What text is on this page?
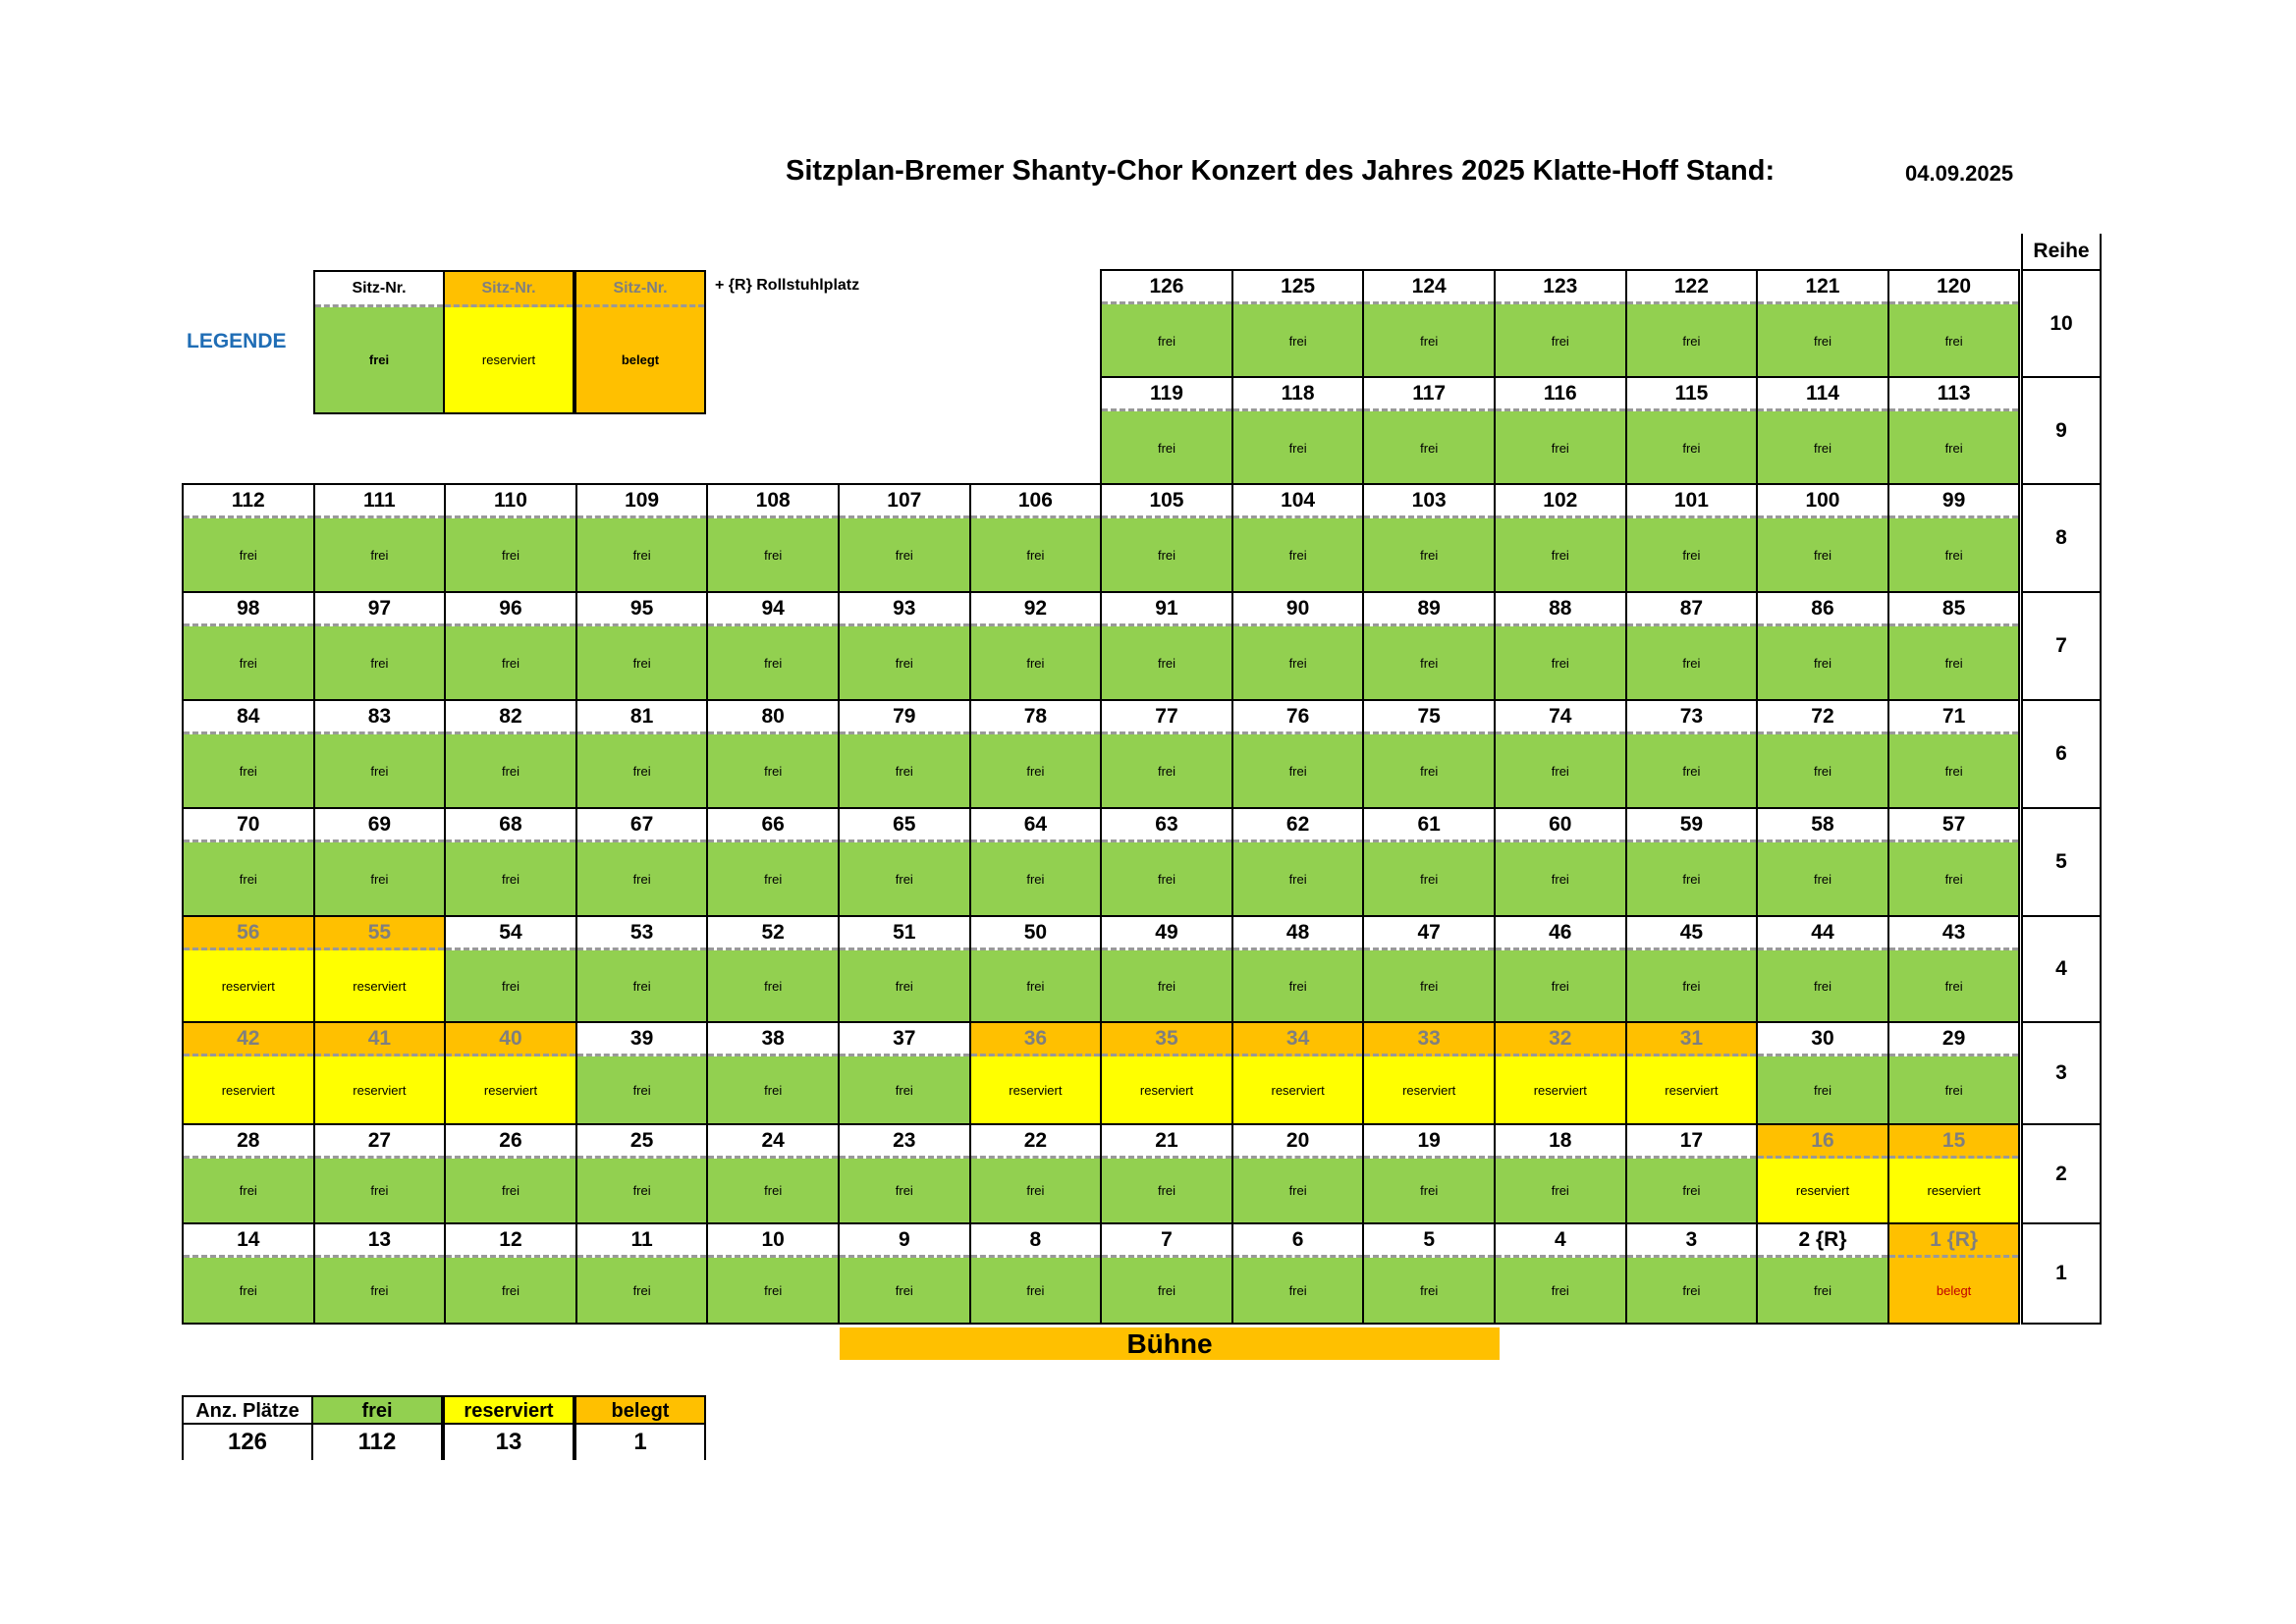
Sitzplan-Bremer Shanty-Chor Konzert des Jahres 2025 Klatte-Hoff Stand:	04.09.2025
LEGENDE
Sitz-Nr.
frei
Sitz-Nr.
reserviert
Sitz-Nr.
belegt
+ {R} Rollstuhlplatz
Reihe
126
frei
125
frei
124
frei
123
frei
122
frei
121
frei
120
frei
10
119
frei
118
frei
117
frei
116
frei
115
frei
114
frei
113
frei
9
112
frei
111
frei
110
frei
109
frei
108
frei
107
frei
106
frei
105
frei
104
frei
103
frei
102
frei
101
frei
100
frei
99
frei
8
98
frei
97
frei
96
frei
95
frei
94
frei
93
frei
92
frei
91
frei
90
frei
89
frei
88
frei
87
frei
86
frei
85
frei
7
84
frei
83
frei
82
frei
81
frei
80
frei
79
frei
78
frei
77
frei
76
frei
75
frei
74
frei
73
frei
72
frei
71
frei
6
70
frei
69
frei
68
frei
67
frei
66
frei
65
frei
64
frei
63
frei
62
frei
61
frei
60
frei
59
frei
58
frei
57
frei
5
56
reserviert
55
reserviert
54
frei
53
frei
52
frei
51
frei
50
frei
49
frei
48
frei
47
frei
46
frei
45
frei
44
frei
43
frei
4
42
reserviert
41
reserviert
40
reserviert
39
frei
38
frei
37
frei
36
reserviert
35
reserviert
34
reserviert
33
reserviert
32
reserviert
31
reserviert
30
frei
29
frei
3
28
frei
27
frei
26
frei
25
frei
24
frei
23
frei
22
frei
21
frei
20
frei
19
frei
18
frei
17
frei
16
reserviert
15
reserviert
2
14
frei
13
frei
12
frei
11
frei
10
frei
9
frei
8
frei
7
frei
6
frei
5
frei
4
frei
3
frei
2 {R}
frei
1 {R}
belegt
1
Bühne
Anz. Plätze
126
frei
112
reserviert
13
belegt
1
